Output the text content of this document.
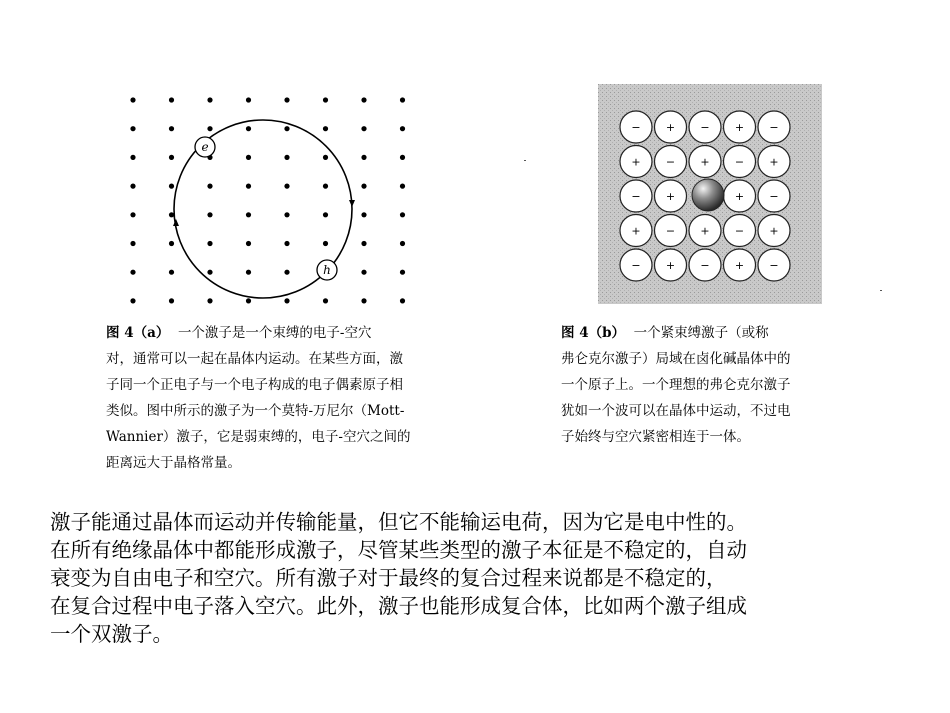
e
h
− + − + −
+ − + − +
− +	+ −
+ − + − +
− + − + −
图 4（a） 一个激子是一个束缚的电子-空穴
对，通常可以一起在晶体内运动。在某些方面，激
子同一个正电子与一个电子构成的电子偶素原子相
类似。图中所示的激子为一个莫特-万尼尔（Mott-
Wannier）激子，它是弱束缚的，电子-空穴之间的
距离远大于晶格常量。
图 4（b） 一个紧束缚激子（或称
弗仑克尔激子）局域在卤化碱晶体中的
一个原子上。一个理想的弗仑克尔激子
犹如一个波可以在晶体中运动，不过电
子始终与空穴紧密相连于一体。
激子能通过晶体而运动并传输能量，但它不能输运电荷，因为它是电中性的。
在所有绝缘晶体中都能形成激子，尽管某些类型的激子本征是不稳定的，自动
衰变为自由电子和空穴。所有激子对于最终的复合过程来说都是不稳定的，
在复合过程中电子落入空穴。此外，激子也能形成复合体，比如两个激子组成
一个双激子。
